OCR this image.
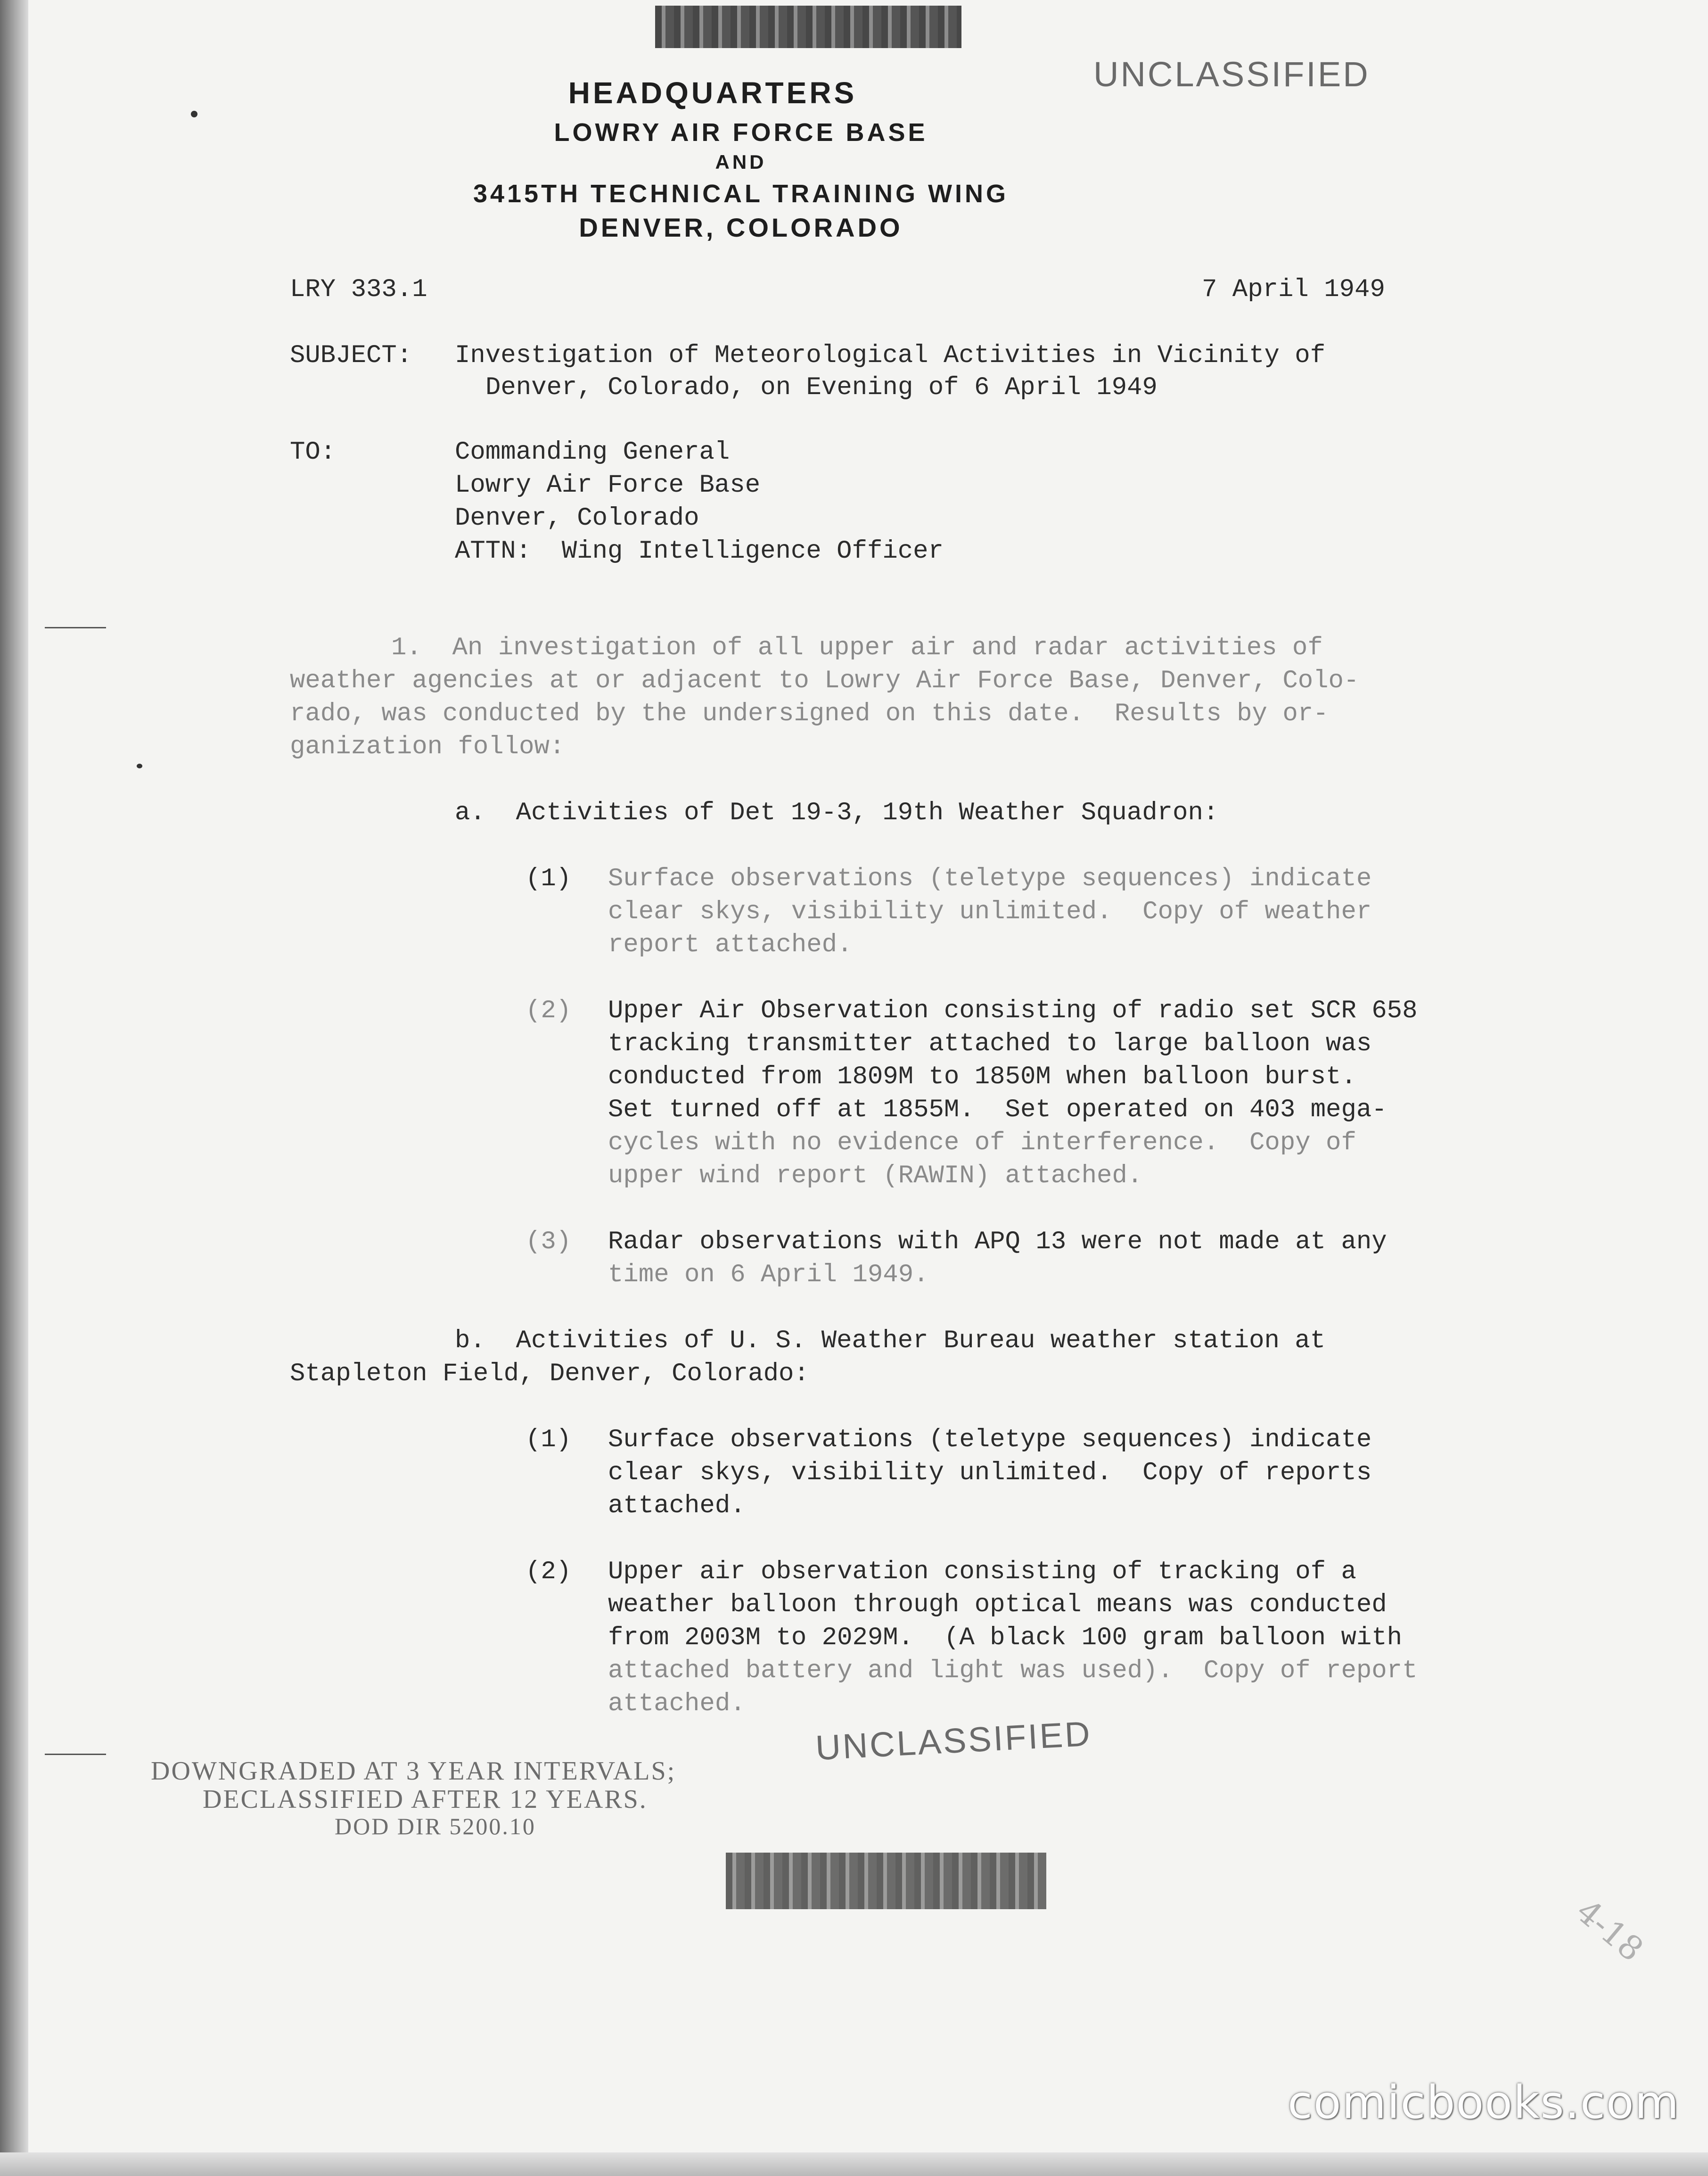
UNCLASSIFIED
UNCLASSIFIED
HEADQUARTERS
LOWRY AIR FORCE BASE
AND
3415TH TECHNICAL TRAINING WING
DENVER, COLORADO
LRY 333.1	7 April 1949
SUBJECT: Investigation of Meteorological Activities in Vicinity of
Denver, Colorado, on Evening of 6 April 1949
TO:	Commanding General
Lowry Air Force Base
Denver, Colorado
ATTN:  Wing Intelligence Officer
1.  An investigation of all upper air and radar activities of
weather agencies at or adjacent to Lowry Air Force Base, Denver, Colo-
rado, was conducted by the undersigned on this date.  Results by or-
ganization follow:
a.  Activities of Det 19-3, 19th Weather Squadron:
(1) Surface observations (teletype sequences) indicate
clear skys, visibility unlimited.  Copy of weather
report attached.
(2) Upper Air Observation consisting of radio set SCR 658
tracking transmitter attached to large balloon was
conducted from 1809M to 1850M when balloon burst.
Set turned off at 1855M.  Set operated on 403 mega-
cycles with no evidence of interference.  Copy of
upper wind report (RAWIN) attached.
(3) Radar observations with APQ 13 were not made at any
time on 6 April 1949.
b.  Activities of U. S. Weather Bureau weather station at
Stapleton Field, Denver, Colorado:
(1) Surface observations (teletype sequences) indicate
clear skys, visibility unlimited.  Copy of reports
attached.
(2) Upper air observation consisting of tracking of a
weather balloon through optical means was conducted
from 2003M to 2029M.  (A black 100 gram balloon with
attached battery and light was used).  Copy of report
attached.
DOWNGRADED AT 3 YEAR INTERVALS;
DECLASSIFIED AFTER 12 YEARS.
DOD DIR 5200.10
4-18
comicbooks.com
